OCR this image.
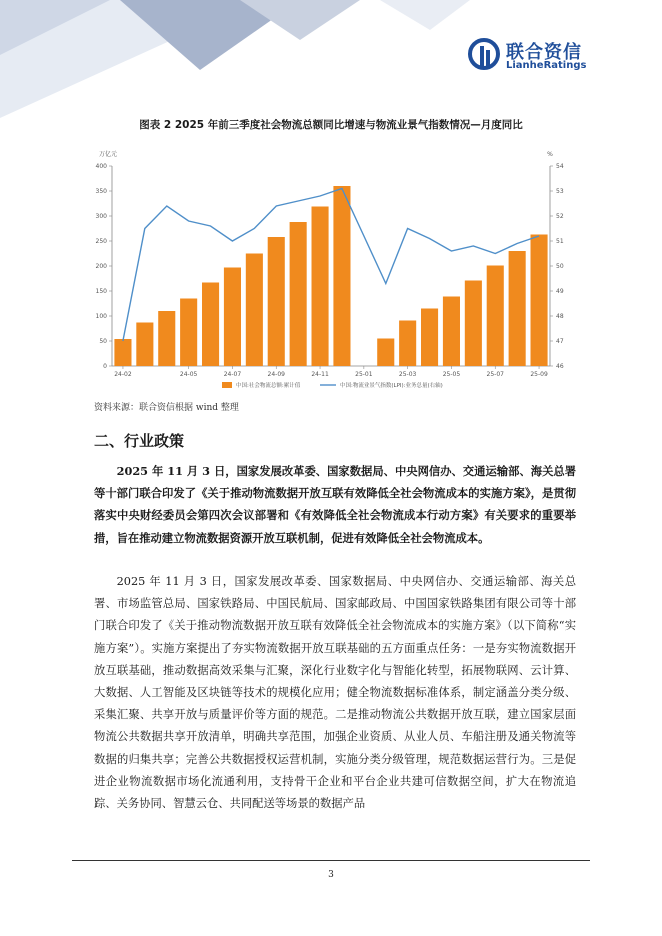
联合资信
LianheRatings
图表 2 2025 年前三季度社会物流总额同比增速与物流业景气指数情况—月度同比
万亿元	%
0
50
100
150
200
250
300
350
400
46
47
48
49
50
51
52
53
54
24-02	24-05	24-07	24-09	24-11	25-01	25-03	25-05	25-07	25-09
中国:社会物流总额:累计值	中国:物流业景气指数(LPI):业务总量(右轴)
资料来源：联合资信根据 wind 整理
二、行业政策
2025 年 11 月 3 日，国家发展改革委、国家数据局、中央网信办、交通运输部、海关总署等十部门联合印发了《关于推动物流数据开放互联有效降低全社会物流成本的实施方案》，是贯彻落实中央财经委员会第四次会议部署和《有效降低全社会物流成本行动方案》有关要求的重要举措，旨在推动建立物流数据资源开放互联机制，促进有效降低全社会物流成本。
2025 年 11 月 3 日，国家发展改革委、国家数据局、中央网信办、交通运输部、海关总署、市场监管总局、国家铁路局、中国民航局、国家邮政局、中国国家铁路集团有限公司等十部门联合印发了《关于推动物流数据开放互联有效降低全社会物流成本的实施方案》（以下简称“实施方案”）。实施方案提出了夯实物流数据开放互联基础的五方面重点任务：一是夯实物流数据开放互联基础，推动数据高效采集与汇聚，深化行业数字化与智能化转型，拓展物联网、云计算、大数据、人工智能及区块链等技术的规模化应用；健全物流数据标准体系，制定涵盖分类分级、采集汇聚、共享开放与质量评价等方面的规范。二是推动物流公共数据开放互联，建立国家层面物流公共数据共享开放清单，明确共享范围，加强企业资质、从业人员、车船注册及通关物流等数据的归集共享；完善公共数据授权运营机制，实施分类分级管理，规范数据运营行为。三是促进企业物流数据市场化流通利用，支持骨干企业和平台企业共建可信数据空间，扩大在物流追踪、关务协同、智慧云仓、共同配送等场景的数据产品
3
